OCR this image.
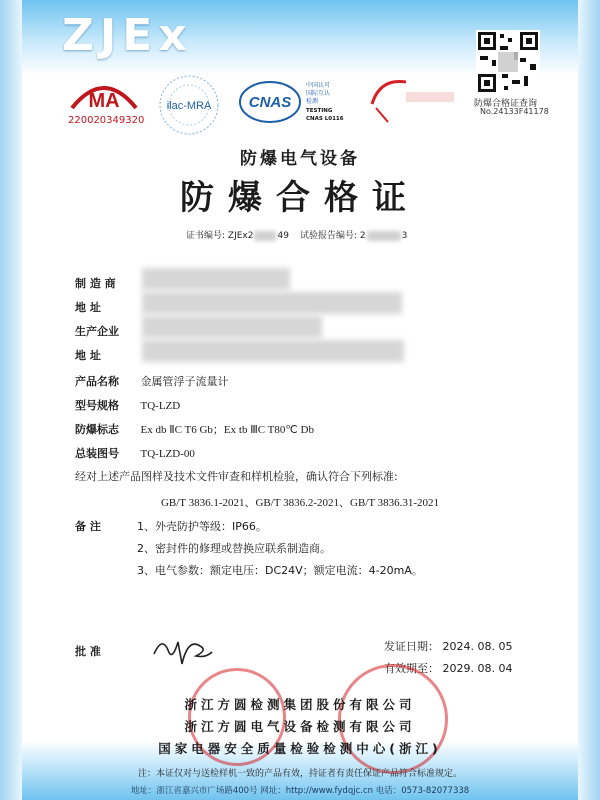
ZJEx
MA
220020349320
ilac-MRA CNAS
中国认可
国际互认
检测
TESTING
CNAS L0116
防爆合格证查询
No.24133F41178
防爆电气设备
防爆合格证
证书编号: ZJEx2	49 试验报告编号: 2	3
制 造 商
地 址
生产企业
地 址
产品名称 金属管浮子流量计
型号规格 TQ-LZD
防爆标志 Ex db ⅡC T6 Gb；Ex tb ⅢC T80℃ Db
总装图号 TQ-LZD-00
经对上述产品图样及技术文件审查和样机检验，确认符合下列标准:
GB/T 3836.1-2021、GB/T 3836.2-2021、GB/T 3836.31-2021
备 注	1、外壳防护等级：IP66。
2、密封件的修理或替换应联系制造商。
3、电气参数：额定电压：DC24V；额定电流：4-20mA。
批 准	发证日期： 2024. 08. 05
有效期至： 2029. 08. 04
浙江方圆检测集团股份有限公司
浙江方圆电气设备检测有限公司
国家电器安全质量检验检测中心(浙江)
注：本证仅对与送检样机一致的产品有效，持证者有责任保证产品符合标准规定。
地址：浙江省嘉兴市广场路400号 网址：http://www.fydqjc.cn 电话：0573-82077338
